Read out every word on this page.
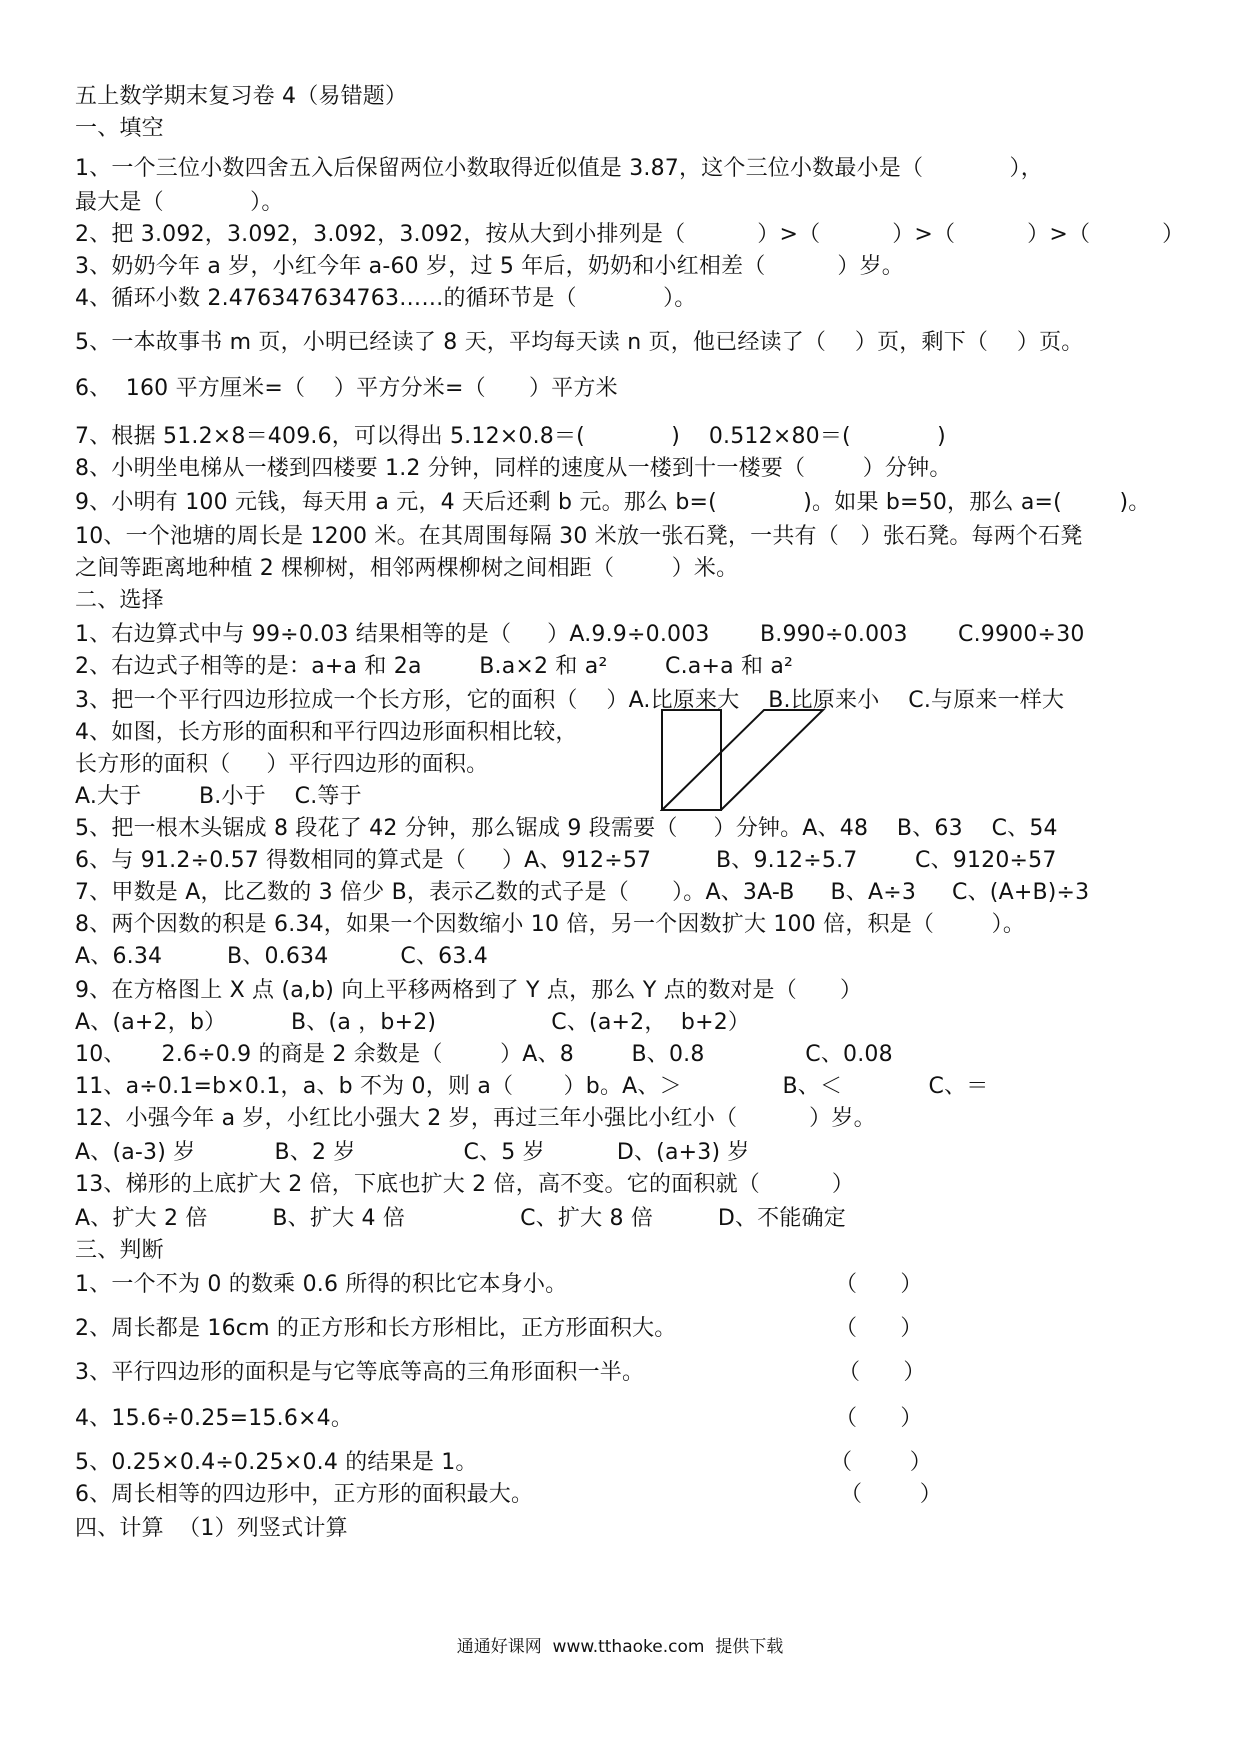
五上数学期末复习卷 4（易错题）
一、填空
1、一个三位小数四舍五入后保留两位小数取得近似值是 3.87，这个三位小数最小是（            ），
最大是（            ）。
2、把 3.092，3.092，3.092，3.092，按从大到小排列是（          ）>（          ）>（          ）>（          ）
3、奶奶今年 a 岁，小红今年 a-60 岁，过 5 年后，奶奶和小红相差（          ）岁。
4、循环小数 2.476347634763……的循环节是（            ）。
5、一本故事书 m 页，小明已经读了 8 天，平均每天读 n 页，他已经读了（    ）页，剩下（    ）页。
6、  160 平方厘米=（    ）平方分米=（      ）平方米
7、根据 51.2×8＝409.6，可以得出 5.12×0.8＝(            )    0.512×80＝(            )
8、小明坐电梯从一楼到四楼要 1.2 分钟，同样的速度从一楼到十一楼要（        ）分钟。
9、小明有 100 元钱，每天用 a 元，4 天后还剩 b 元。那么 b=(            )。如果 b=50，那么 a=(        )。
10、一个池塘的周长是 1200 米。在其周围每隔 30 米放一张石凳，一共有（   ）张石凳。每两个石凳
之间等距离地种植 2 棵柳树，相邻两棵柳树之间相距（        ）米。
二、选择
1、右边算式中与 99÷0.03 结果相等的是（     ）A.9.9÷0.003       B.990÷0.003       C.9900÷30
2、右边式子相等的是：a+a 和 2a        B.a×2 和 a²        C.a+a 和 a²
3、把一个平行四边形拉成一个长方形，它的面积（    ）A.比原来大    B.比原来小    C.与原来一样大
4、如图，长方形的面积和平行四边形面积相比较，
长方形的面积（     ）平行四边形的面积。
A.大于        B.小于    C.等于
5、把一根木头锯成 8 段花了 42 分钟，那么锯成 9 段需要（     ）分钟。A、48    B、63    C、54
6、与 91.2÷0.57 得数相同的算式是（     ）A、912÷57         B、9.12÷5.7        C、9120÷57
7、甲数是 A，比乙数的 3 倍少 B，表示乙数的式子是（      ）。A、3A-B     B、A÷3     C、(A+B)÷3
8、两个因数的积是 6.34，如果一个因数缩小 10 倍，另一个因数扩大 100 倍，积是（        ）。
A、6.34         B、0.634          C、63.4
9、在方格图上 X 点 (a,b) 向上平移两格到了 Y 点，那么 Y 点的数对是（      ）
A、(a+2，b）         B、(a ，b+2)                C、(a+2，  b+2）
10、     2.6÷0.9 的商是 2 余数是（        ）A、8        B、0.8              C、0.08
11、a÷0.1=b×0.1，a、b 不为 0，则 a（       ）b。A、＞              B、＜            C、＝
12、小强今年 a 岁，小红比小强大 2 岁，再过三年小强比小红小（          ）岁。
A、(a-3) 岁           B、2 岁               C、5 岁          D、(a+3) 岁
13、梯形的上底扩大 2 倍，下底也扩大 2 倍，高不变。它的面积就（          ）
A、扩大 2 倍         B、扩大 4 倍                C、扩大 8 倍         D、不能确定
三、判断
1、一个不为 0 的数乘 0.6 所得的积比它本身小。	（      ）
2、周长都是 16cm 的正方形和长方形相比，正方形面积大。	（      ）
3、平行四边形的面积是与它等底等高的三角形面积一半。	（      ）
4、15.6÷0.25=15.6×4。	（      ）
5、0.25×0.4÷0.25×0.4 的结果是 1。	（        ）
6、周长相等的四边形中，正方形的面积最大。	（        ）
四、计算  （1）列竖式计算
通通好课网  www.tthaoke.com  提供下载
